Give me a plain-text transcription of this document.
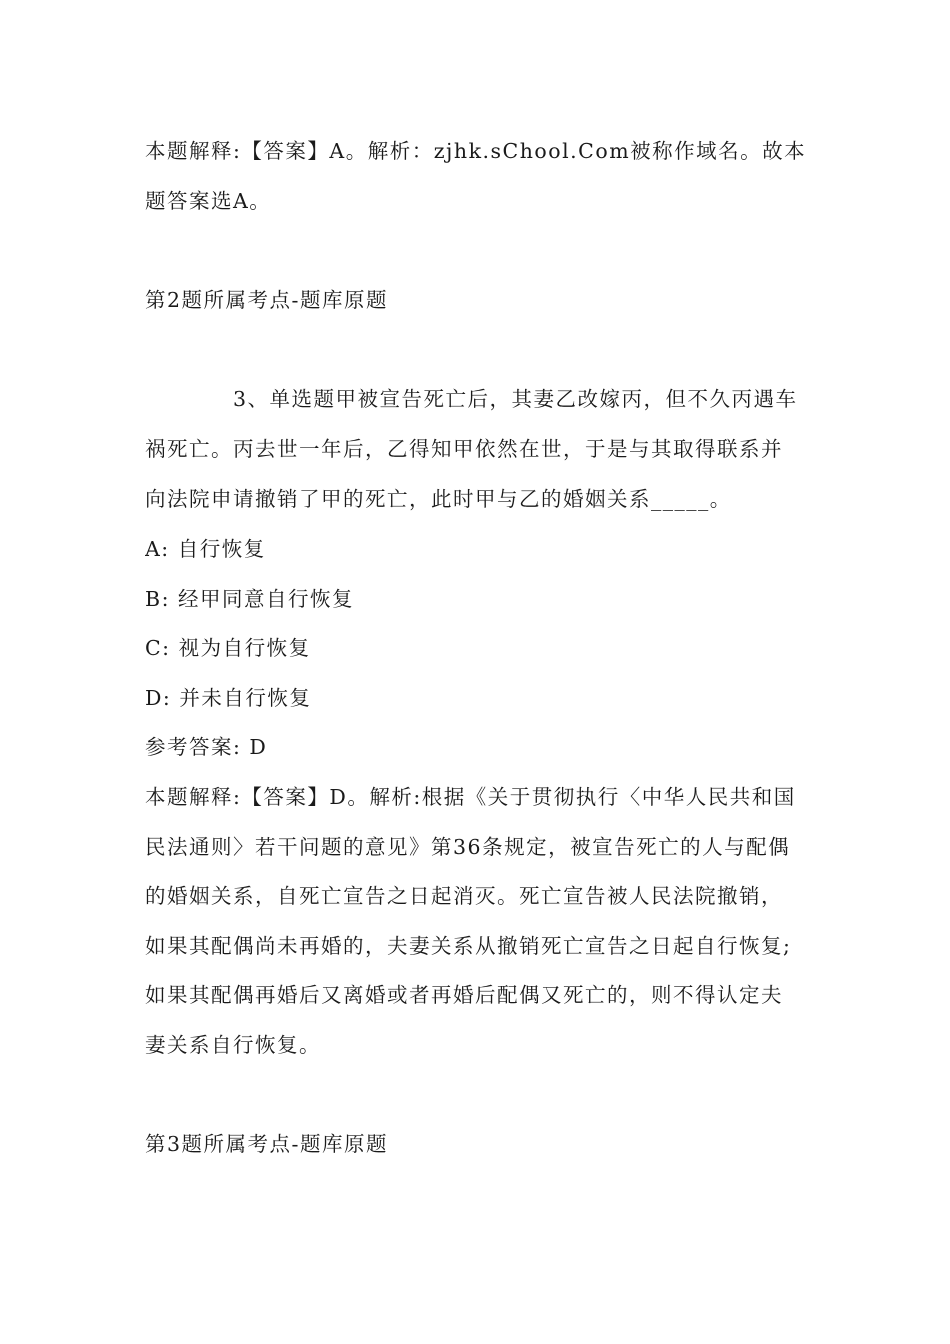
本题解释:【答案】A。解析：zjhk.sChool.Com被称作域名。故本
题答案选A。
第2题所属考点-题库原题
3、单选题甲被宣告死亡后，其妻乙改嫁丙，但不久丙遇车
祸死亡。丙去世一年后，乙得知甲依然在世，于是与其取得联系并
向法院申请撤销了甲的死亡，此时甲与乙的婚姻关系_____。
A: 自行恢复
B: 经甲同意自行恢复
C: 视为自行恢复
D: 并未自行恢复
参考答案: D
本题解释:【答案】D。解析:根据《关于贯彻执行〈中华人民共和国
民法通则〉若干问题的意见》第36条规定，被宣告死亡的人与配偶
的婚姻关系，自死亡宣告之日起消灭。死亡宣告被人民法院撤销，
如果其配偶尚未再婚的，夫妻关系从撤销死亡宣告之日起自行恢复;
如果其配偶再婚后又离婚或者再婚后配偶又死亡的，则不得认定夫
妻关系自行恢复。
第3题所属考点-题库原题
